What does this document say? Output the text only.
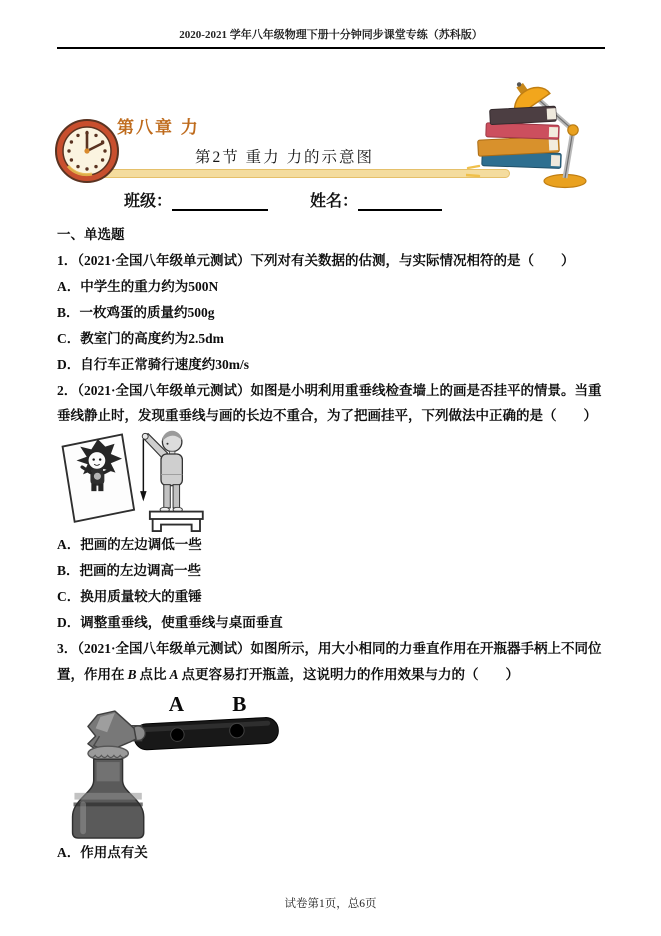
2020-2021 学年八年级物理下册十分钟同步课堂专练（苏科版）
第八章 力
第2节 重力 力的示意图
班级：	姓名：
一、单选题
1．（2021·全国八年级单元测试）下列对有关数据的估测，与实际情况相符的是（　　）
A．中学生的重力约为500N
B．一枚鸡蛋的质量约500g
C．教室门的高度约为2.5dm
D．自行车正常骑行速度约30m/s
2．（2021·全国八年级单元测试）如图是小明利用重垂线检查墙上的画是否挂平的情景。当重垂线静止时，发现重垂线与画的长边不重合，为了把画挂平，下列做法中正确的是（　　）
A．把画的左边调低一些
B．把画的左边调高一些
C．换用质量较大的重锤
D．调整重垂线，使重垂线与桌面垂直
3．（2021·全国八年级单元测试）如图所示，用大小相同的力垂直作用在开瓶器手柄上不同位置，作用在 B 点比 A 点更容易打开瓶盖，这说明力的作用效果与力的（　　）
A B
A．作用点有关
试卷第1页，总6页
